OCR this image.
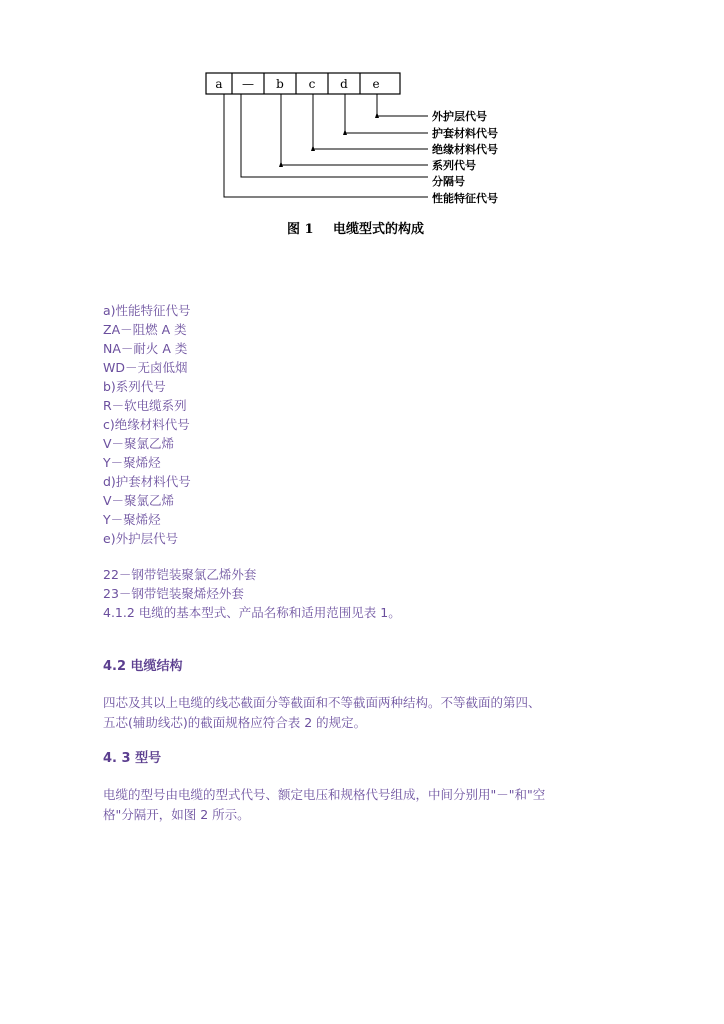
a — b c d e
外护层代号
护套材料代号
绝缘材料代号
系列代号
分隔号
性能特征代号
图 1 电缆型式的构成
a)性能特征代号
ZA－阻燃 A 类
NA－耐火 A 类
WD－无卤低烟
b)系列代号
R－软电缆系列
c)绝缘材料代号
V－聚氯乙烯
Y－聚烯烃
d)护套材料代号
V－聚氯乙烯
Y－聚烯烃
e)外护层代号
22－钢带铠装聚氯乙烯外套
23－钢带铠装聚烯烃外套
4.1.2 电缆的基本型式、产品名称和适用范围见表 1。
4.2 电缆结构
四芯及其以上电缆的线芯截面分等截面和不等截面两种结构。不等截面的第四、
五芯(辅助线芯)的截面规格应符合表 2 的规定。
4. 3 型号
电缆的型号由电缆的型式代号、额定电压和规格代号组成，中间分别用"－"和"空
格"分隔开，如图 2 所示。
